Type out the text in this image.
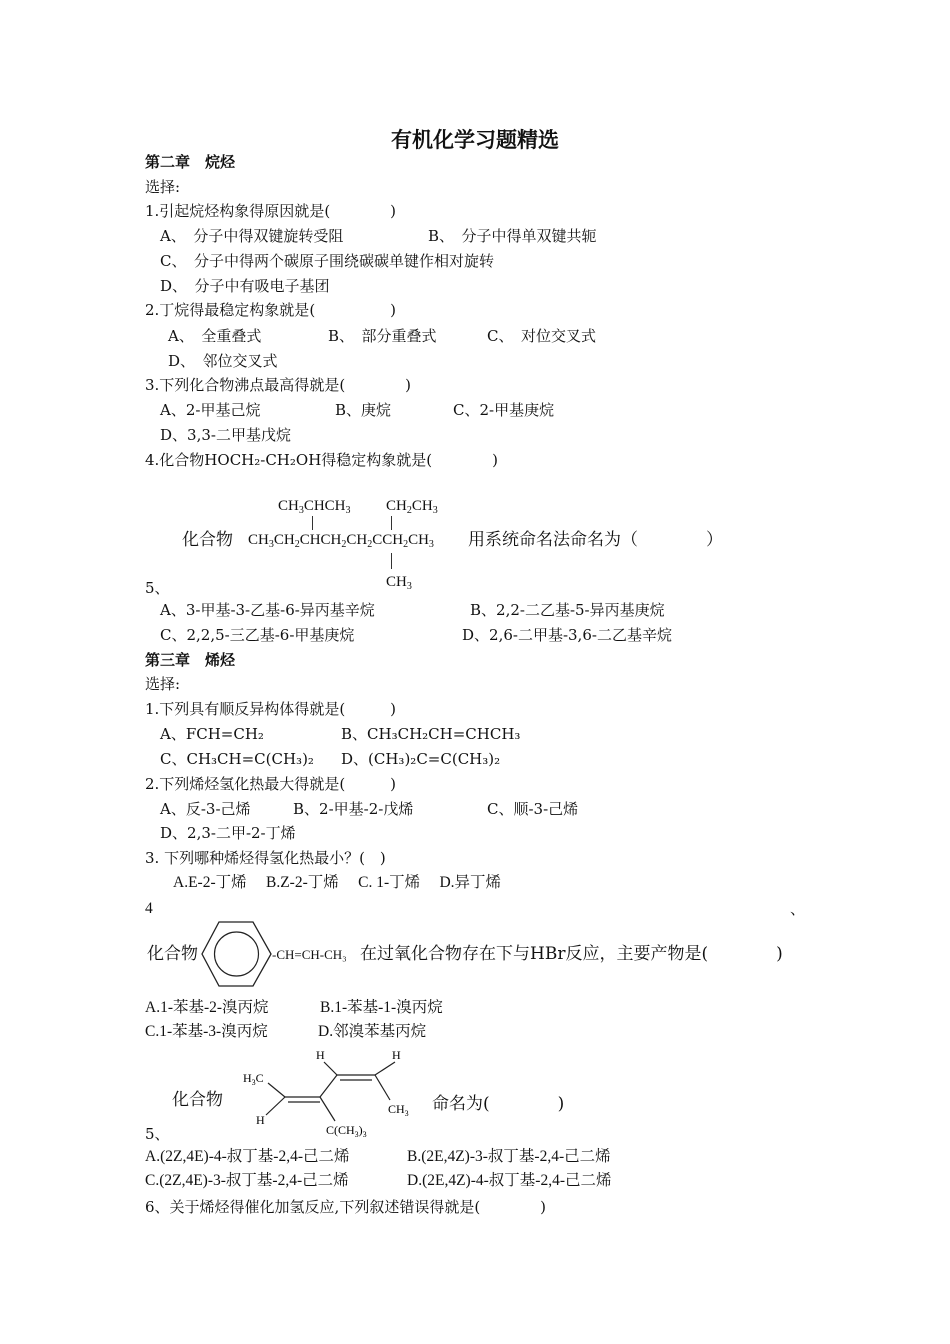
有机化学习题精选
第二章　烷烃
选择:
1.引起烷烃构象得原因就是(　　　　)
A、　分子中得双键旋转受阻	B、　分子中得单双键共轭
C、　分子中得两个碳原子围绕碳碳单键作相对旋转
D、　分子中有吸电子基团
2.丁烷得最稳定构象就是(　　　　　)
A、　全重叠式	B、　部分重叠式	C、　对位交叉式
D、　邻位交叉式
3.下列化合物沸点最高得就是(　　　　)
A、2-甲基己烷	B、庚烷	C、2-甲基庚烷
D、3,3-二甲基戊烷
4.化合物HOCH₂-CH₂OH得稳定构象就是(　　　　)
化合物
$CH_3CHCH_3$ $CH_2CH_3$
$CH_3CH_2CHCH_2CH_2CCH_2CH_3$
$CH_3$
用系统命名法命名为（　　　　）
5、
A、3-甲基-3-乙基-6-异丙基辛烷	B、2,2-二乙基-5-异丙基庚烷
C、2,2,5-三乙基-6-甲基庚烷	D、2,6-二甲基-3,6-二乙基辛烷
第三章　烯烃
选择:
1.下列具有顺反异构体得就是(　　　)
A、FCH=CH₂	B、CH₃CH₂CH=CHCH₃
C、CH₃CH=C(CH₃)₂ D、(CH₃)₂C=C(CH₃)₂
2.下列烯烃氢化热最大得就是(　　　)
A、反-3-己烯	B、2-甲基-2-戊烯	C、顺-3-己烯
D、2,3-二甲-2-丁烯
3. 下列哪种烯烃得氢化热最小？(　)
A.E-2-丁烯　 B.Z-2-丁烯　 C. 1-丁烯　 D.异丁烯
4	、
化合物	-CH=CH-CH₃ 在过氧化合物存在下与HBr反应，主要产物是(　　　　)
A.1-苯基-2-溴丙烷	B.1-苯基-1-溴丙烷
C.1-苯基-3-溴丙烷	D.邻溴苯基丙烷
化合物
H	H
$H_3C$
H
$CH_3$
$C(CH_3)_3$
命名为(　　　　)
5、
A.(2Z,4E)-4-叔丁基-2,4-己二烯	B.(2E,4Z)-3-叔丁基-2,4-己二烯
C.(2Z,4E)-3-叔丁基-2,4-己二烯	D.(2E,4Z)-4-叔丁基-2,4-己二烯
6、关于烯烃得催化加氢反应,下列叙述错误得就是(　　　　)
